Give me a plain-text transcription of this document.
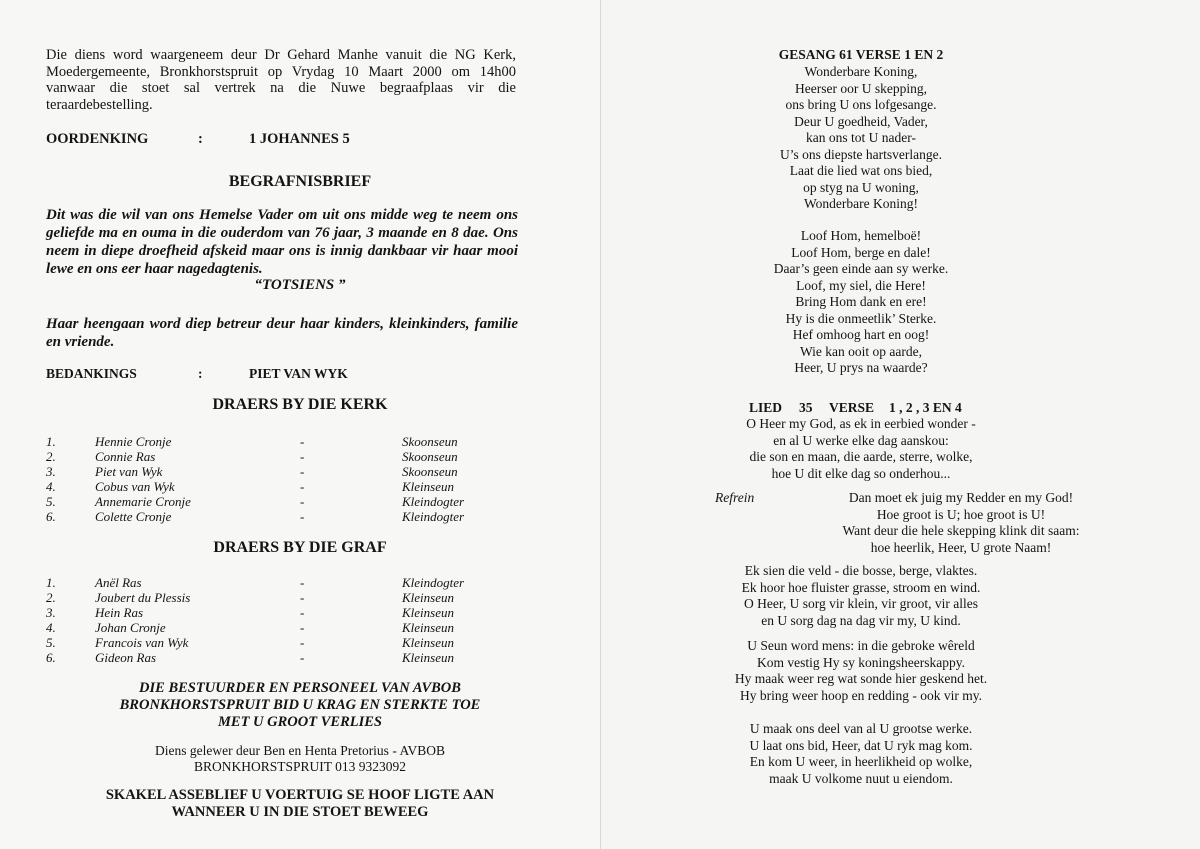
Die diens word waargeneem deur Dr Gehard Manhe vanuit die NG Kerk, Moedergemeente, Bronkhorstspruit op Vrydag 10 Maart 2000 om 14h00 vanwaar die stoet sal vertrek na die Nuwe begraafplaas vir die teraardebestelling.
OORDENKING	:	1 JOHANNES 5
BEGRAFNISBRIEF
Dit was die wil van ons Hemelse Vader om uit ons midde weg te neem ons geliefde ma en ouma in die ouderdom van 76 jaar, 3 maande en 8 dae. Ons neem in diepe droefheid afskeid maar ons is innig dankbaar vir haar mooi lewe en ons eer haar nagedagtenis.
“TOTSIENS ”
Haar heengaan word diep betreur deur haar kinders, kleinkinders, familie en vriende.
BEDANKINGS	:	PIET VAN WYK
DRAERS BY DIE KERK
1.	Hennie Cronje	-	Skoonseun
2.	Connie Ras	-	Skoonseun
3.	Piet van Wyk	-	Skoonseun
4.	Cobus van Wyk	-	Kleinseun
5.	Annemarie Cronje	-	Kleindogter
6.	Colette Cronje	-	Kleindogter
DRAERS BY DIE GRAF
1.	Anël Ras	-	Kleindogter
2.	Joubert du Plessis	-	Kleinseun
3.	Hein Ras	-	Kleinseun
4.	Johan Cronje	-	Kleinseun
5.	Francois van Wyk	-	Kleinseun
6.	Gideon Ras	-	Kleinseun
DIE BESTUURDER EN PERSONEEL VAN AVBOB
BRONKHORSTSPRUIT BID U KRAG EN STERKTE TOE
MET U GROOT VERLIES
Diens gelewer deur Ben en Henta Pretorius - AVBOB
BRONKHORSTSPRUIT 013 9323092
SKAKEL ASSEBLIEF U VOERTUIG SE HOOF LIGTE AAN
WANNEER U IN DIE STOET BEWEEG
GESANG 61 VERSE 1 EN 2
Wonderbare Koning,
Heerser oor U skepping,
ons bring U ons lofgesange.
Deur U goedheid, Vader,
kan ons tot U nader-
U’s ons diepste hartsverlange.
Laat die lied wat ons bied,
op styg na U woning,
Wonderbare Koning!
Loof Hom, hemelboë!
Loof Hom, berge en dale!
Daar’s geen einde aan sy werke.
Loof, my siel, die Here!
Bring Hom dank en ere!
Hy is die onmeetlik’ Sterke.
Hef omhoog hart en oog!
Wie kan ooit op aarde,
Heer, U prys na waarde?
LIED 35 VERSE 1 , 2 , 3 EN 4
O Heer my God, as ek in eerbied wonder -
en al U werke elke dag aanskou:
die son en maan, die aarde, sterre, wolke,
hoe U dit elke dag so onderhou...
Refrein	Dan moet ek juig my Redder en my God!
Hoe groot is U; hoe groot is U!
Want deur die hele skepping klink dit saam:
hoe heerlik, Heer, U grote Naam!
Ek sien die veld - die bosse, berge, vlaktes.
Ek hoor hoe fluister grasse, stroom en wind.
O Heer, U sorg vir klein, vir groot, vir alles
en U sorg dag na dag vir my, U kind.
U Seun word mens: in die gebroke wêreld
Kom vestig Hy sy koningsheerskappy.
Hy maak weer reg wat sonde hier geskend het.
Hy bring weer hoop en redding - ook vir my.
U maak ons deel van al U grootse werke.
U laat ons bid, Heer, dat U ryk mag kom.
En kom U weer, in heerlikheid op wolke,
maak U volkome nuut u eiendom.
